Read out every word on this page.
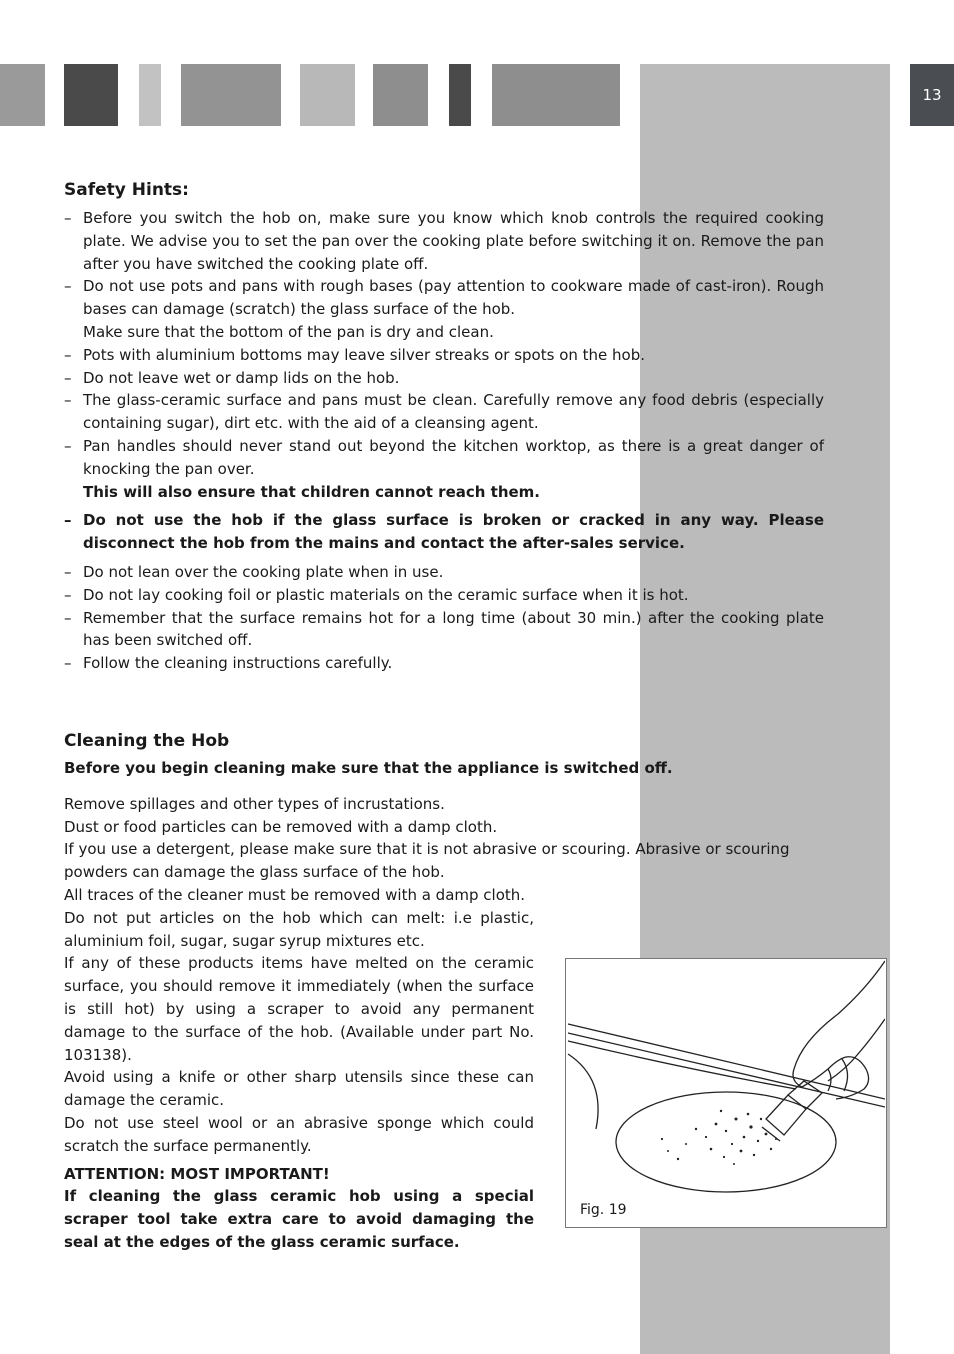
13
Safety Hints:
– Before you switch the hob on, make sure you know which knob controls the required cooking plate. We advise you to set the pan over the cooking plate before switching it on. Remove the pan after you have switched the cooking plate off.
– Do not use pots and pans with rough bases (pay attention to cookware made of cast-iron). Rough bases can damage (scratch) the glass surface of the hob.
Make sure that the bottom of the pan is dry and clean.
– Pots with aluminium bottoms may leave silver streaks or spots on the hob.
– Do not leave wet or damp lids on the hob.
– The glass-ceramic surface and pans must be clean. Carefully remove any food debris (especially containing sugar), dirt etc. with the aid of a cleansing agent.
– Pan handles should never stand out beyond the kitchen worktop, as there is a great danger of knocking the pan over.
This will also ensure that children cannot reach them.
– Do not use the hob if the glass surface is broken or cracked in any way. Please disconnect the hob from the mains and contact the after-sales service.
– Do not lean over the cooking plate when in use.
– Do not lay cooking foil or plastic materials on the ceramic surface when it is hot.
– Remember that the surface remains hot for a long time (about 30 min.) after the cooking plate has been switched off.
– Follow the cleaning instructions carefully.
Cleaning the Hob

Before you begin cleaning make sure that the appliance is switched off.

Remove spillages and other types of incrustations.

Dust or food particles can be removed with a damp cloth.

If you use a detergent, please make sure that it is not abrasive or scouring. Abrasive or scouring powders can damage the glass surface of the hob.

All traces of the cleaner must be removed with a damp cloth.

Do not put articles on the hob which can melt: i.e plastic, aluminium foil, sugar, sugar syrup mixtures etc.

If any of these products items have melted on the ceramic surface, you should remove it immediately (when the surface is still hot) by using a scraper to avoid any permanent damage to the surface of the hob. (Available under part No. 103138).

Avoid using a knife or other sharp utensils since these can damage the ceramic.

Do not use steel wool or an abrasive sponge which could scratch the surface permanently.

ATTENTION: MOST IMPORTANT!

If cleaning the glass ceramic hob using a special scraper tool take extra care to avoid damaging the seal at the edges of the glass ceramic surface.

Fig. 19
